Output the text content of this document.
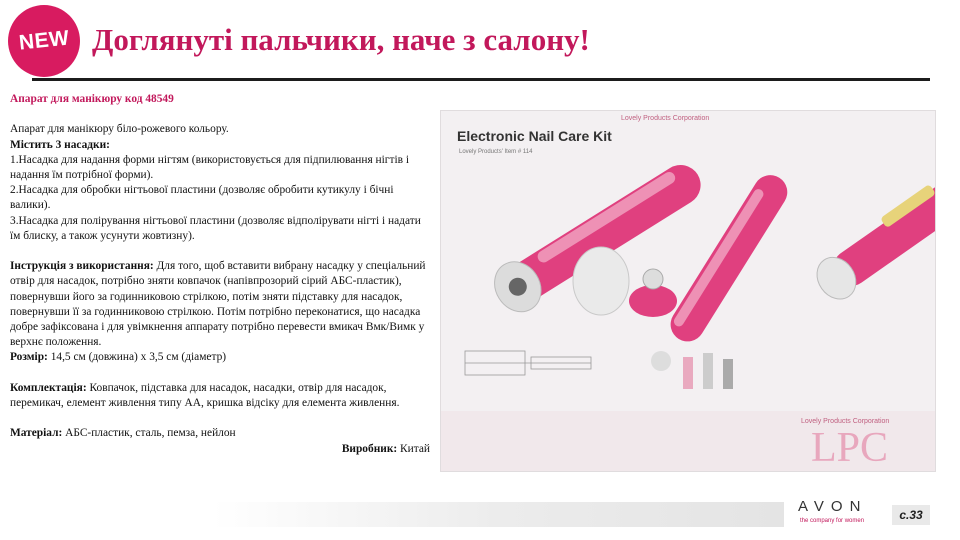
NEW Доглянуті пальчики, наче з салону!

Апарат для манікюру код 48549

Апарат для манікюру біло-рожевого кольору.

Містить 3 насадки:

1.Насадка для надання форми нігтям (використовується для підпилювання нігтів і надання їм потрібної форми).

2.Насадка для обробки нігтьової пластини (дозволяє обробити кутикулу і бічні валики).

3.Насадка для полірування нігтьової пластини (дозволяє відполірувати нігті і надати їм блиску, а також усунути жовтизну).

Інструкція з використання: Для того, щоб вставити вибрану насадку у спеціальний отвір для насадок, потрібно зняти ковпачок (напівпрозорий сірий АБС-пластик), повернувши його за годинниковою стрілкою, потім зняти підставку для насадок, повернувши її за годинниковою стрілкою. Потім потрібно переконатися, що насадка добре зафіксована і для увімкнення аппарату потрібно перевести вмикач Вмк/Вимк у верхнє положення.

Розмір: 14,5 см (довжина) х 3,5 см (діаметр)

Комплектація: Ковпачок, підставка для насадок, насадки, отвір для насадок, перемикач, елемент живлення типу АА, кришка відсіку для елемента живлення.

Матеріал: АБС-пластик, сталь, пемза, нейлон

Виробник: Китай

Lovely Products Corporation
Electronic Nail Care Kit
Lovely Products' Item # 114
Lovely Products Corporation
LPC
AVON
the company for women	с.33
